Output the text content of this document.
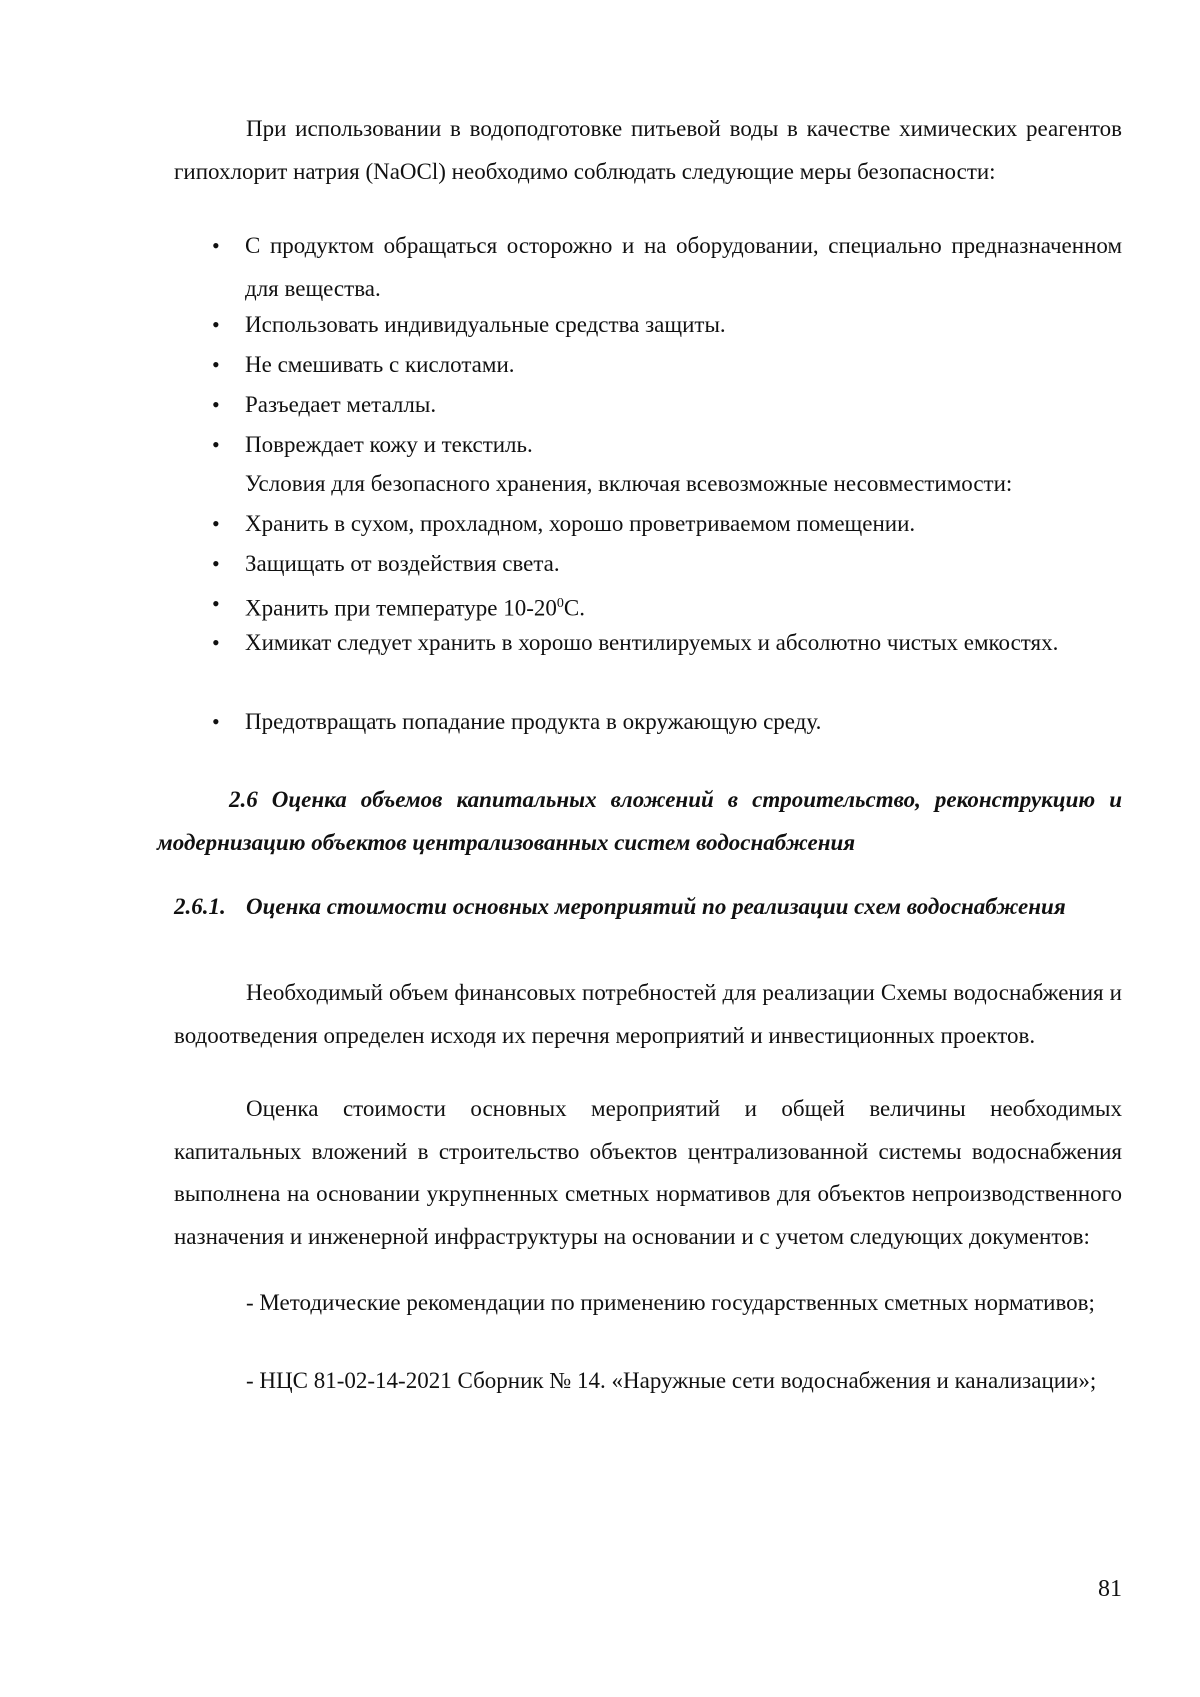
При использовании в водоподготовке питьевой воды в качестве химических реагентов гипохлорит натрия (NaOCl) необходимо соблюдать следующие меры безопасности:

• С продуктом обращаться осторожно и на оборудовании, специально предназначенном для вещества.

• Использовать индивидуальные средства защиты.

• Не смешивать с кислотами.

• Разъедает металлы.

• Повреждает кожу и текстиль.

Условия для безопасного хранения, включая всевозможные несовместимости:

• Хранить в сухом, прохладном, хорошо проветриваемом помещении.

• Защищать от воздействия света.

• Хранить при температуре $10-20^0С$.

• Химикат следует хранить в хорошо вентилируемых и абсолютно чистых емкостях.

• Предотвращать попадание продукта в окружающую среду.

2.6 Оценка объемов капитальных вложений в строительство, реконструкцию и модернизацию объектов централизованных систем водоснабжения

2.6.1. Оценка стоимости основных мероприятий по реализации схем водоснабжения

Необходимый объем финансовых потребностей для реализации Схемы водоснабжения и водоотведения определен исходя их перечня мероприятий и инвестиционных проектов.

Оценка стоимости основных мероприятий и общей величины необходимых капитальных вложений в строительство объектов централизованной системы водоснабжения выполнена на основании укрупненных сметных нормативов для объектов непроизводственного назначения и инженерной инфраструктуры на основании и с учетом следующих документов:

- Методические рекомендации по применению государственных сметных нормативов;

- НЦС 81-02-14-2021 Сборник № 14. «Наружные сети водоснабжения и канализации»;

81
